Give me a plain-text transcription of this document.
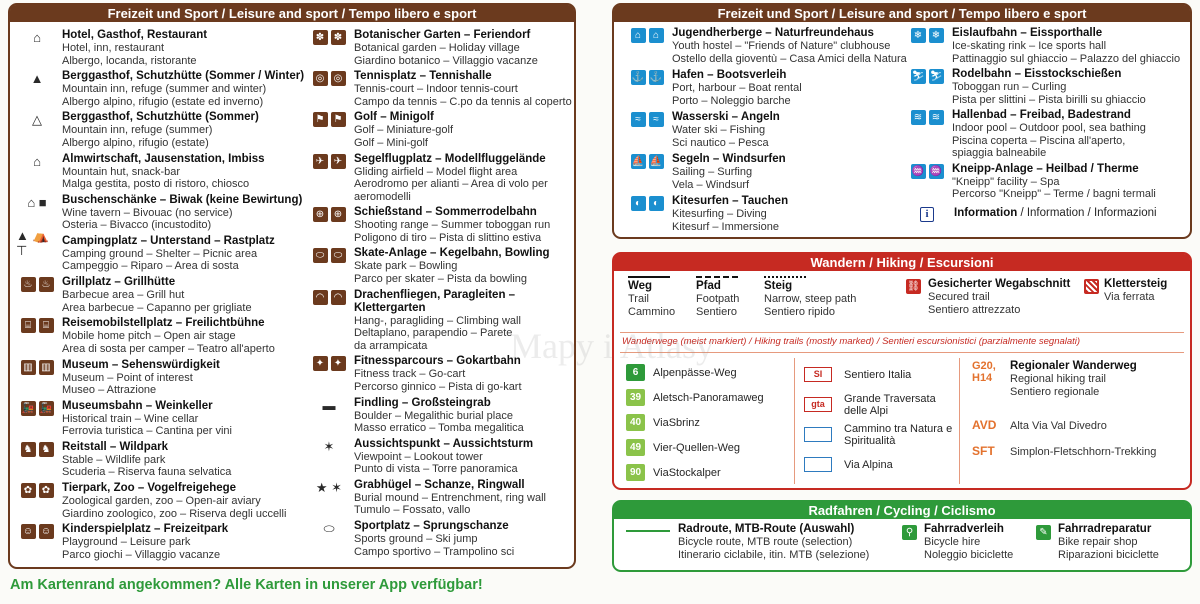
Freizeit und Sport / Leisure and sport / Tempo libero e sport
⌂ Hotel, Gasthof, Restaurant
Hotel, inn, restaurant
Albergo, locanda, ristorante
▲ Berggasthof, Schutzhütte (Sommer / Winter)
Mountain inn, refuge (summer and winter)
Albergo alpino, rifugio (estate ed inverno)
△ Berggasthof, Schutzhütte (Sommer)
Mountain inn, refuge (summer)
Albergo alpino, rifugio (estate)
⌂ Almwirtschaft, Jausenstation, Imbiss
Mountain hut, snack-bar
Malga gestita, posto di ristoro, chiosco
⌂ ■ Buschenschänke – Biwak (keine Bewirtung)
Wine tavern – Bivouac (no service)
Osteria – Bivacco (incustodito)
▲ ⛺ ⊤
Campingplatz – Unterstand – Rastplatz
Camping ground – Shelter – Picnic area
Campeggio – Riparo – Area di sosta
♨ ♨ Grillplatz – Grillhütte
Barbecue area – Grill hut
Area barbecue – Capanno per grigliate
⌸	⌸	Reisemobilstellplatz – Freilichtbühne
Mobile home pitch – Open air stage
Area di sosta per camper – Teatro all'aperto
▥ ▥ Museum – Sehenswürdigkeit
Museum – Point of interest
Museo – Attrazione
🚂 🚂 Museumsbahn – Weinkeller
Historical train – Wine cellar
Ferrovia turistica – Cantina per vini
♞ ♞ Reitstall – Wildpark
Stable – Wildlife park
Scuderia – Riserva fauna selvatica
✿ ✿ Tierpark, Zoo – Vogelfreigehege
Zoological garden, zoo – Open-air aviary
Giardino zoologico, zoo – Riserva degli uccelli
☺ ☺ Kinderspielplatz – Freizeitpark
Playground – Leisure park
Parco giochi – Villaggio vacanze
✽ ✽ Botanischer Garten – Feriendorf
Botanical garden – Holiday village
Giardino botanico – Villaggio vacanze
◎ ◎ Tennisplatz – Tennishalle
Tennis-court – Indoor tennis-court
Campo da tennis – C.po da tennis al coperto
⚑ ⚑ Golf – Minigolf
Golf – Miniature-golf
Golf – Mini-golf
✈ ✈ Segelflugplatz – Modellfluggelände
Gliding airfield – Model flight area
Aerodromo per alianti – Area di volo per
aeromodelli
⊕ ⊕ Schießstand – Sommerrodelbahn
Shooting range – Summer toboggan run
Poligono di tiro – Pista di slittino estiva
⬭ ⬭ Skate-Anlage – Kegelbahn, Bowling
Skate park – Bowling
Parco per skater – Pista da bowling
◠ ◠ Drachenfliegen, Paragleiten – Klettergarten
Hang-, paragliding – Climbing wall
Deltaplano, parapendio – Parete
da arrampicata
✦ ✦ Fitnessparcours – Gokartbahn
Fitness track – Go-cart
Percorso ginnico – Pista di go-kart
▬ Findling – Großsteingrab
Boulder – Megalithic burial place
Masso erratico – Tomba megalitica
✶ Aussichtspunkt – Aussichtsturm
Viewpoint – Lookout tower
Punto di vista – Torre panoramica
★ ✶ Grabhügel – Schanze, Ringwall
Burial mound – Entrenchment, ring wall
Tumulo – Fossato, vallo
⬭ Sportplatz – Sprungschanze
Sports ground – Ski jump
Campo sportivo – Trampolino sci
Am Kartenrand angekommen? Alle Karten in unserer App verfügbar!
Freizeit und Sport / Leisure and sport / Tempo libero e sport
⌂	⌂	Jugendherberge – Naturfreundehaus
Youth hostel – "Friends of Nature" clubhouse
Ostello della gioventù – Casa Amici della Natura
⚓ ⚓ Hafen – Bootsverleih
Port, harbour – Boat rental
Porto – Noleggio barche
≈	≈	Wasserski – Angeln
Water ski – Fishing
Sci nautico – Pesca
⛵ ⛵ Segeln – Windsurfen
Sailing – Surfing
Vela – Windsurf
◐	◐	Kitesurfen – Tauchen
Kitesurfing – Diving
Kitesurf – Immersione
❄ ❄ Eislaufbahn – Eissporthalle
Ice-skating rink – Ice sports hall
Pattinaggio sul ghiaccio – Palazzo del ghiaccio
⛷ ⛷ Rodelbahn – Eisstockschießen
Toboggan run – Curling
Pista per slittini – Pista birilli su ghiaccio
≋ ≋ Hallenbad – Freibad, Badestrand
Indoor pool – Outdoor pool, sea bathing
Piscina coperta – Piscina all'aperto,
spiaggia balneabile
♒ ♒ Kneipp-Anlage – Heilbad / Therme
"Kneipp" facility – Spa
Percorso "Kneipp" – Terme / bagni termali
i	Information / Information / Informazioni
Wandern / Hiking / Escursioni
Weg
Trail
Cammino
Pfad
Footpath
Sentiero
Steig
Narrow, steep path
Sentiero ripido
⛓ Gesicherter Wegabschnitt
Secured trail
Sentiero attrezzato
Klettersteig
Via ferrata
Wanderwege (meist markiert) / Hiking trails (mostly marked) / Sentieri escursionistici (parzialmente segnalati)
6	Alpenpässe-Weg
39	Aletsch-Panoramaweg
40	ViaSbrinz
49	Vier-Quellen-Weg
90	ViaStockalper
SI	Sentiero Italia
gta	Grande Traversata delle Alpi
Cammino tra Natura e Spiritualità
Via Alpina
G20,
H14
Regionaler Wanderweg
Regional hiking trail
Sentiero regionale
AVD Alta Via Val Divedro
SFT Simplon-Fletschhorn-Trekking
Radfahren / Cycling / Ciclismo
Radroute, MTB-Route (Auswahl)
Bicycle route, MTB route (selection)
Itinerario ciclabile, itin. MTB (selezione)
⚲ Fahrradverleih
Bicycle hire
Noleggio biciclette
✎ Fahrradreparatur
Bike repair shop
Riparazioni biciclette
i
